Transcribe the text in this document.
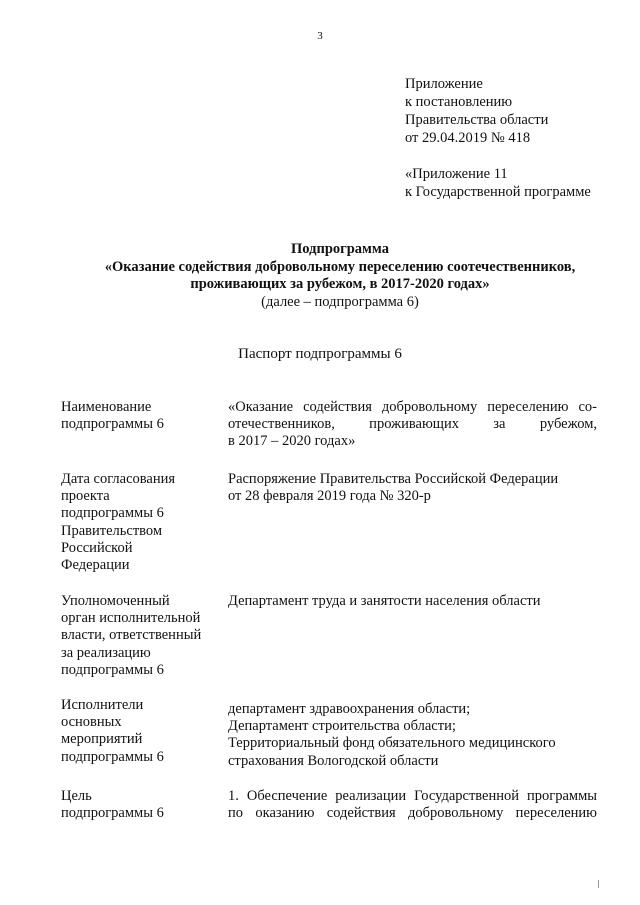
3
Приложение
к постановлению
Правительства области
от 29.04.2019 № 418
«Приложение 11
к Государственной программе
Подпрограмма
«Оказание содействия добровольному переселению соотечественников,
проживающих за рубежом, в 2017-2020 годах»
(далее – подпрограмма 6)
Паспорт подпрограммы 6
Наименование
подпрограммы 6
«Оказание содействия добровольному переселению со-
отечественников, проживающих за рубежом,
в 2017 – 2020 годах»
Дата согласования
проекта
подпрограммы 6
Правительством
Российской
Федерации
Распоряжение Правительства Российской Федерации
от 28 февраля 2019 года № 320-р
Уполномоченный
орган исполнительной
власти, ответственный
за реализацию
подпрограммы 6
Департамент труда и занятости населения области
Исполнители
основных
мероприятий
подпрограммы 6
департамент здравоохранения области;
Департамент строительства области;
Территориальный фонд обязательного медицинского
страхования Вологодской области
Цель
подпрограммы 6
1. Обеспечение реализации Государственной программы
по оказанию содействия добровольному переселению
